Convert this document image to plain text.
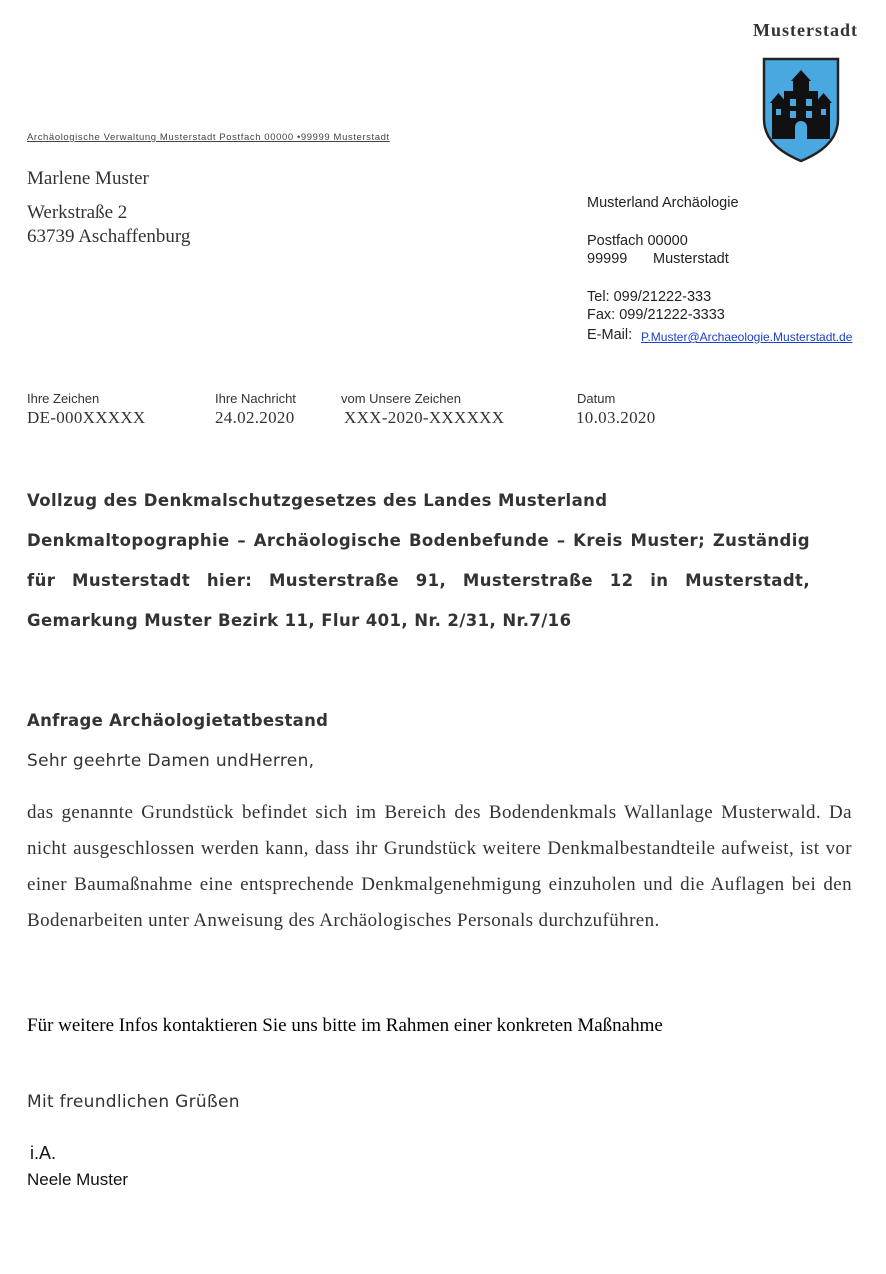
Musterstadt
Archäologische Verwaltung Musterstadt Postfach 00000 •99999 Musterstadt
Marlene Muster
Werkstraße 2
63739 Aschaffenburg
Musterland Archäologie
Postfach 00000
99999 Musterstadt
Tel: 099/21222-333
Fax: 099/21222-3333
E-Mail: P.Muster@Archaeologie.Musterstadt.de
Ihre Zeichen
DE-000XXXXX
Ihre Nachricht
24.02.2020
vom Unsere Zeichen
XXX-2020-XXXXXX
Datum
10.03.2020

Vollzug des Denkmalschutzgesetzes des Landes Musterland

Denkmaltopographie – Archäologische Bodenbefunde – Kreis Muster; Zuständig für Musterstadt hier: Musterstraße 91, Musterstraße 12 in Musterstadt, Gemarkung Muster Bezirk 11, Flur 401, Nr. 2/31, Nr.7/16

Anfrage Archäologietatbestand
Sehr geehrte Damen undHerren,
das genannte Grundstück befindet sich im Bereich des Bodendenkmals Wallanlage Musterwald. Da nicht ausgeschlossen werden kann, dass ihr Grundstück weitere Denkmalbestandteile aufweist, ist vor einer Baumaßnahme eine entsprechende Denkmalgenehmigung einzuholen und die Auflagen bei den Bodenarbeiten unter Anweisung des Archäologisches Personals durchzuführen.
Für weitere Infos kontaktieren Sie uns bitte im Rahmen einer konkreten Maßnahme
Mit freundlichen Grüßen
i.A.
Neele Muster
